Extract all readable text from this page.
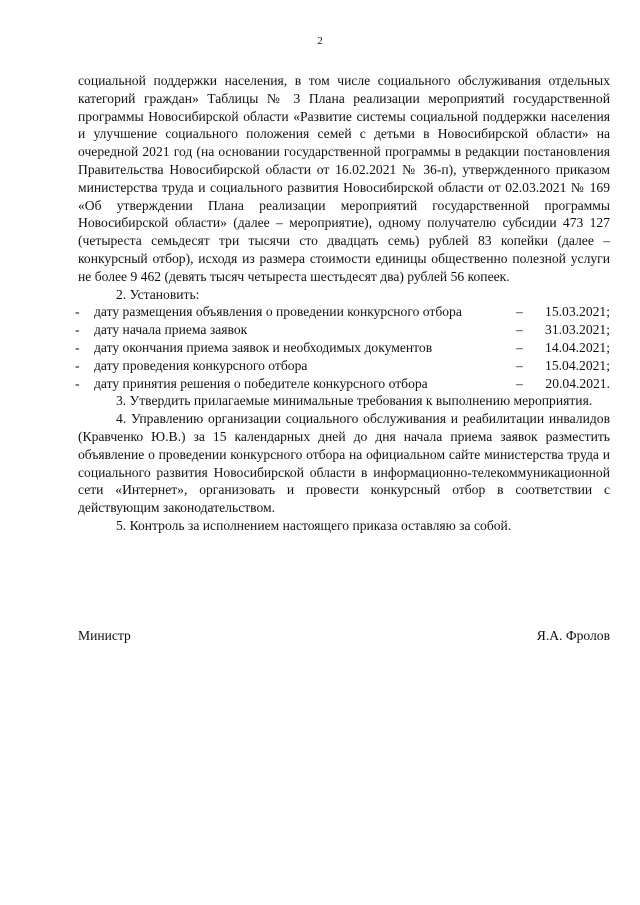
2

социальной поддержки населения, в том числе социального обслуживания отдельных категорий граждан» Таблицы № 3 Плана реализации мероприятий государственной программы Новосибирской области «Развитие системы социальной поддержки населения и улучшение социального положения семей с детьми в Новосибирской области» на очередной 2021 год (на основании государственной программы в редакции постановления Правительства Новосибирской области от 16.02.2021 № 36-п), утвержденного приказом министерства труда и социального развития Новосибирской области от 02.03.2021 № 169 «Об утверждении Плана реализации мероприятий государственной программы Новосибирской области» (далее – мероприятие), одному получателю субсидии 473 127 (четыреста семьдесят три тысячи сто двадцать семь) рублей 83 копейки (далее – конкурсный отбор), исходя из размера стоимости единицы общественно полезной услуги не более 9 462 (девять тысяч четыреста шестьдесят два) рублей 56 копеек.

2. Установить:

- дату размещения объявления о проведении конкурсного отбора	– 15.03.2021;
- дату начала приема заявок	– 31.03.2021;
- дату окончания приема заявок и необходимых документов	– 14.04.2021;
- дату проведения конкурсного отбора	– 15.04.2021;
- дату принятия решения о победителе конкурсного отбора	– 20.04.2021.

3. Утвердить прилагаемые минимальные требования к выполнению мероприятия.

4. Управлению организации социального обслуживания и реабилитации инвалидов (Кравченко Ю.В.) за 15 календарных дней до дня начала приема заявок разместить объявление о проведении конкурсного отбора на официальном сайте министерства труда и социального развития Новосибирской области в информационно-телекоммуникационной сети «Интернет», организовать и провести конкурсный отбор в соответствии с действующим законодательством.

5. Контроль за исполнением настоящего приказа оставляю за собой.

Министр	Я.А. Фролов
